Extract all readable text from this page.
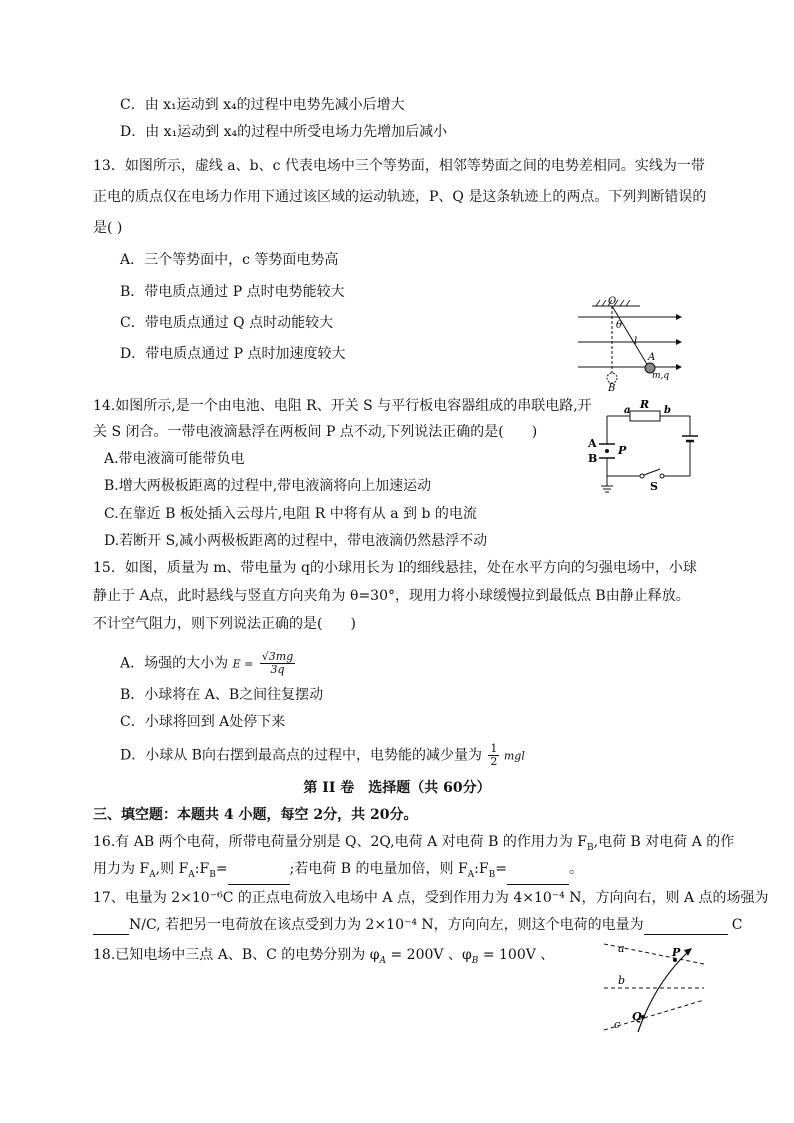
C．由 x₁运动到 x₄的过程中电势先减小后增大
D．由 x₁运动到 x₄的过程中所受电场力先增加后减小
13．如图所示，虚线 a、b、c 代表电场中三个等势面，相邻等势面之间的电势差相同。实线为一带
正电的质点仅在电场力作用下通过该区域的运动轨迹，P、Q 是这条轨迹上的两点。下列判断错误的
是( )
A．三个等势面中，c 等势面电势高
B．带电质点通过 P 点时电势能较大
C．带电质点通过 Q 点时动能较大
D．带电质点通过 P 点时加速度较大
O
θ
l
A
m,q
B
14.如图所示,是一个由电池、电阻 R、开关 S 与平行板电容器组成的串联电路,开
关 S 闭合。一带电液滴悬浮在两板间 P 点不动,下列说法正确的是(　　)
A.带电液滴可能带负电
B.增大两极板距离的过程中,带电液滴将向上加速运动
C.在靠近 B 板处插入云母片,电阻 R 中将有从 a 到 b 的电流
D.若断开 S,减小两极板距离的过程中，带电液滴仍然悬浮不动
a R b
A
P
B
S
15．如图，质量为 m、带电量为 q的小球用长为 l的细线悬挂，处在水平方向的匀强电场中，小球
静止于 A点，此时悬线与竖直方向夹角为 θ=30°，现用力将小球缓慢拉到最低点 B由静止释放。
不计空气阻力，则下列说法正确的是(　　)
A．场强的大小为 $E = \frac{√3mg}{3q}$
B．小球将在 A、B之间往复摆动
C．小球将回到 A处停下来
D．小球从 B向右摆到最高点的过程中，电势能的减少量为 $\frac{1}{2}$ mgl
第 II 卷　选择题（共 60分）
三、填空题：本题共 4 小题，每空 2分，共 20分。
16.有 AB 两个电荷，所带电荷量分别是 Q、2Q,电荷 A 对电荷 B 的作用力为 $F_B$,电荷 B 对电荷 A 的作
用力为 $F_A$,则 $F_A:F_B=$	;若电荷 B 的电量加倍，则 $F_A:F_B=$	。
17、电量为 2×10⁻⁶C 的正点电荷放入电场中 A 点，受到作用力为 4×10⁻⁴ N，方向向右，则 A 点的场强为
N/C, 若把另一电荷放在该点受到力为 2×10⁻⁴ N，方向向左，则这个电荷的电量为	C
18.已知电场中三点 A、B、C 的电势分别为 $\varphi_A = 200V$ 、$\varphi_B = 100V$ 、	a
b
c
P
Q
